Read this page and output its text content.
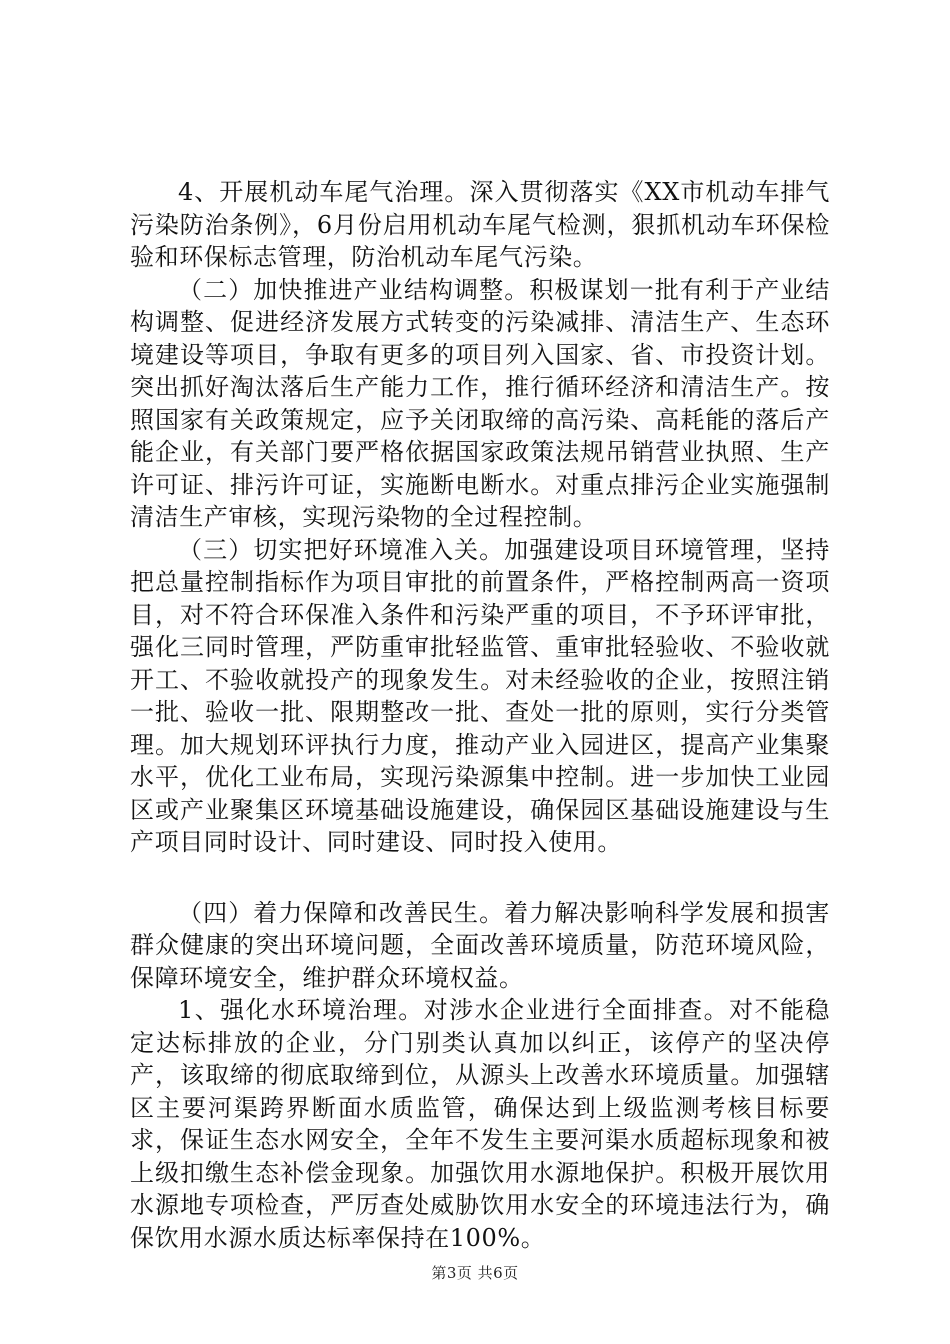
4、开展机动车尾气治理。深入贯彻落实《XX市机动车排气污染防治条例》，6月份启用机动车尾气检测，狠抓机动车环保检验和环保标志管理，防治机动车尾气污染。

（二）加快推进产业结构调整。积极谋划一批有利于产业结构调整、促进经济发展方式转变的污染减排、清洁生产、生态环境建设等项目，争取有更多的项目列入国家、省、市投资计划。突出抓好淘汰落后生产能力工作，推行循环经济和清洁生产。按照国家有关政策规定，应予关闭取缔的高污染、高耗能的落后产能企业，有关部门要严格依据国家政策法规吊销营业执照、生产许可证、排污许可证，实施断电断水。对重点排污企业实施强制清洁生产审核，实现污染物的全过程控制。

（三）切实把好环境准入关。加强建设项目环境管理，坚持把总量控制指标作为项目审批的前置条件，严格控制两高一资项目，对不符合环保准入条件和污染严重的项目，不予环评审批，强化三同时管理，严防重审批轻监管、重审批轻验收、不验收就开工、不验收就投产的现象发生。对未经验收的企业，按照注销一批、验收一批、限期整改一批、查处一批的原则，实行分类管理。加大规划环评执行力度，推动产业入园进区，提高产业集聚水平，优化工业布局，实现污染源集中控制。进一步加快工业园区或产业聚集区环境基础设施建设，确保园区基础设施建设与生产项目同时设计、同时建设、同时投入使用。

（四）着力保障和改善民生。着力解决影响科学发展和损害群众健康的突出环境问题，全面改善环境质量，防范环境风险，保障环境安全，维护群众环境权益。

1、强化水环境治理。对涉水企业进行全面排查。对不能稳定达标排放的企业，分门别类认真加以纠正，该停产的坚决停产，该取缔的彻底取缔到位，从源头上改善水环境质量。加强辖区主要河渠跨界断面水质监管，确保达到上级监测考核目标要求，保证生态水网安全，全年不发生主要河渠水质超标现象和被上级扣缴生态补偿金现象。加强饮用水源地保护。积极开展饮用水源地专项检查，严厉查处威胁饮用水安全的环境违法行为，确保饮用水源水质达标率保持在100%。

第3页 共6页
